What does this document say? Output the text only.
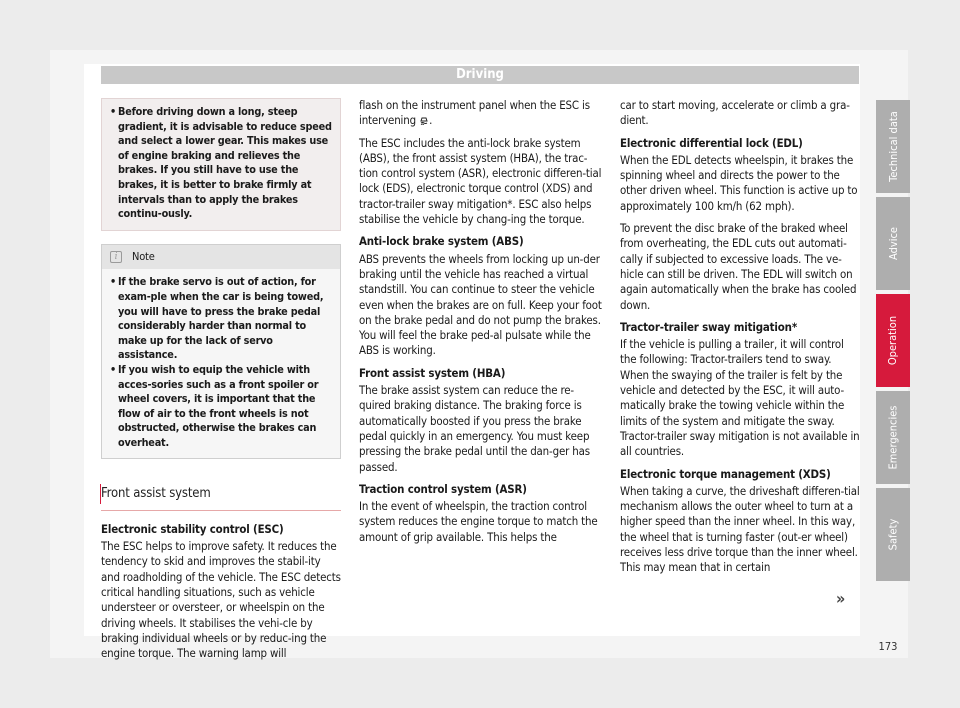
Driving
• Before driving down a long, steep gradient, it is advisable to reduce speed and select a lower gear. This makes use of engine braking and relieves the brakes. If you still have to use the brakes, it is better to brake firmly at intervals than to apply the brakes continu-ously.
i	Note
• If the brake servo is out of action, for exam-ple when the car is being towed, you will have to press the brake pedal considerably harder than normal to make up for the lack of servo assistance.
• If you wish to equip the vehicle with acces-sories such as a front spoiler or wheel covers, it is important that the flow of air to the front wheels is not obstructed, otherwise the brakes can overheat.
Front assist system

Electronic stability control (ESC)

The ESC helps to improve safety. It reduces the tendency to skid and improves the stabil-ity and roadholding of the vehicle. The ESC detects critical handling situations, such as vehicle understeer or oversteer, or wheelspin on the driving wheels. It stabilises the vehi-cle by braking individual wheels or by reduc-ing the engine torque. The warning lamp will

flash on the instrument panel when the ESC is intervening .

The ESC includes the anti-lock brake system (ABS), the front assist system (HBA), the trac-tion control system (ASR), electronic differen-tial lock (EDS), electronic torque control (XDS) and tractor-trailer sway mitigation*. ESC also helps stabilise the vehicle by chang-ing the torque.

Anti-lock brake system (ABS)

ABS prevents the wheels from locking up un-der braking until the vehicle has reached a virtual standstill. You can continue to steer the vehicle even when the brakes are on full. Keep your foot on the brake pedal and do not pump the brakes. You will feel the brake ped-al pulsate while the ABS is working.

Front assist system (HBA)

The brake assist system can reduce the re-quired braking distance. The braking force is automatically boosted if you press the brake pedal quickly in an emergency. You must keep pressing the brake pedal until the dan-ger has passed.

Traction control system (ASR)

In the event of wheelspin, the traction control system reduces the engine torque to match the amount of grip available. This helps the

car to start moving, accelerate or climb a gra-dient.

Electronic differential lock (EDL)

When the EDL detects wheelspin, it brakes the spinning wheel and directs the power to the other driven wheel. This function is active up to approximately 100 km/h (62 mph).

To prevent the disc brake of the braked wheel from overheating, the EDL cuts out automati-cally if subjected to excessive loads. The ve-hicle can still be driven. The EDL will switch on again automatically when the brake has cooled down.

Tractor-trailer sway mitigation*

If the vehicle is pulling a trailer, it will control the following: Tractor-trailers tend to sway. When the swaying of the trailer is felt by the vehicle and detected by the ESC, it will auto-matically brake the towing vehicle within the limits of the system and mitigate the sway. Tractor-trailer sway mitigation is not available in all countries.

Electronic torque management (XDS)

When taking a curve, the driveshaft differen-tial mechanism allows the outer wheel to turn at a higher speed than the inner wheel. In this way, the wheel that is turning faster (out-er wheel) receives less drive torque than the inner wheel. This may mean that in certain

»
Technical data
Advice
Operation
Emergencies
Safety
173
